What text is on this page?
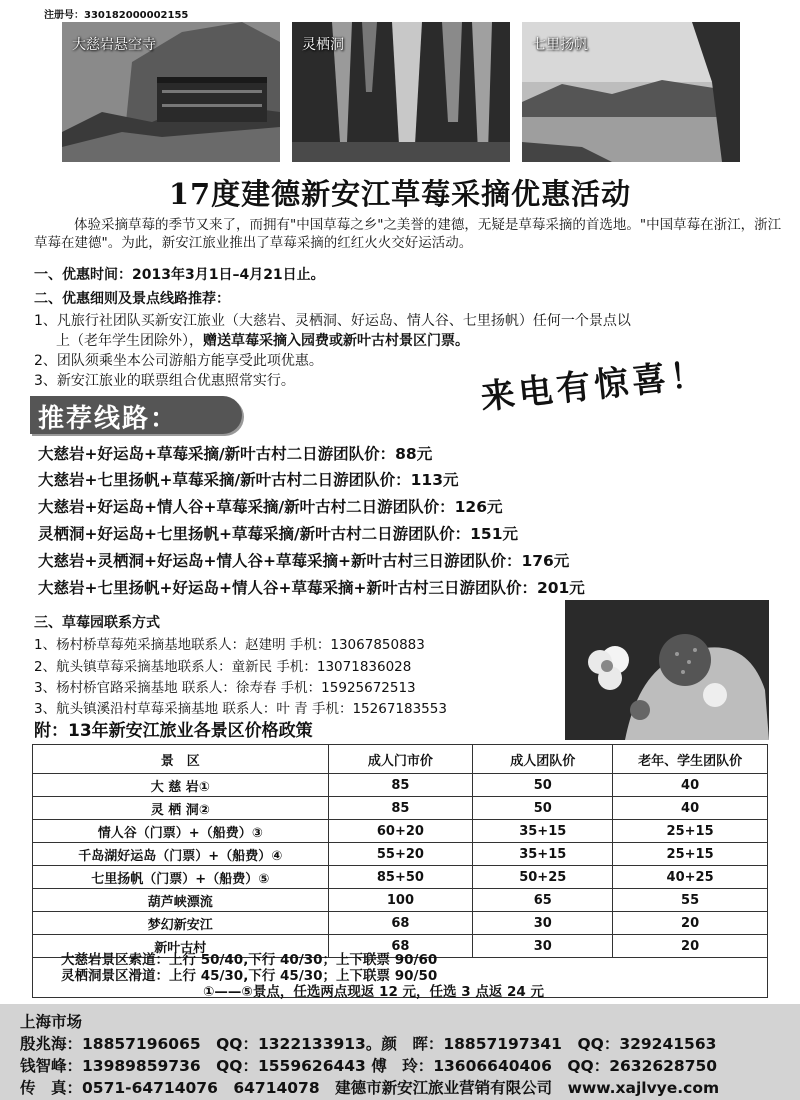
注册号：330182000002155
大慈岩悬空寺	灵栖洞	七里扬帆
17度建德新安江草莓采摘优惠活动
体验采摘草莓的季节又来了，而拥有"中国草莓之乡"之美誉的建德，无疑是草莓采摘的首选地。"中国草莓在浙江，浙江草莓在建德"。为此，新安江旅业推出了草莓采摘的红红火火交好运活动。
一、优惠时间：2013年3月1日–4月21日止。
二、优惠细则及景点线路推荐：
1、凡旅行社团队买新安江旅业（大慈岩、灵栖洞、好运岛、情人谷、七里扬帆）任何一个景点以
上（老年学生团除外），赠送草莓采摘入园费或新叶古村景区门票。
2、团队须乘坐本公司游船方能享受此项优惠。
3、新安江旅业的联票组合优惠照常实行。
推荐线路：
来电有惊喜！
大慈岩+好运岛+草莓采摘/新叶古村二日游团队价：88元
大慈岩+七里扬帆+草莓采摘/新叶古村二日游团队价：113元
大慈岩+好运岛+情人谷+草莓采摘/新叶古村二日游团队价：126元
灵栖洞+好运岛+七里扬帆+草莓采摘/新叶古村二日游团队价：151元
大慈岩+灵栖洞+好运岛+情人谷+草莓采摘+新叶古村三日游团队价：176元
大慈岩+七里扬帆+好运岛+情人谷+草莓采摘+新叶古村三日游团队价：201元
三、草莓园联系方式
1、杨村桥草莓苑采摘基地联系人：赵建明 手机：13067850883
2、航头镇草莓采摘基地联系人：童新民 手机：13071836028
3、杨村桥官路采摘基地 联系人：徐寿春 手机：15925672513
3、航头镇溪沿村草莓采摘基地 联系人：叶 青 手机：15267183553
附：13年新安江旅业各景区价格政策
景　区	成人门市价	成人团队价	老年、学生团队价
大 慈 岩①	85	50	40
灵 栖 洞②	85	50	40
情人谷（门票）+（船费）③	60+20	35+15	25+15
千岛湖好运岛（门票）+（船费）④	55+20	35+15	25+15
七里扬帆（门票）+（船费）⑤	85+50	50+25	40+25
葫芦峡漂流	100	65	55
梦幻新安江	68	30	20
新叶古村	68	30	20
大慈岩景区索道：上行 50/40,下行 40/30；上下联票 90/60
灵栖洞景区滑道：上行 45/30,下行 45/30；上下联票 90/50
①——⑤景点，任选两点现返 12 元，任选 3 点返 24 元
上海市场
殷兆海：18857196065　QQ：1322133913。颜　晖：18857197341　QQ：329241563
钱智峰：13989859736　QQ：1559626443 傅　玲：13606640406　QQ：2632628750
传　真：0571-64714076　64714078　建德市新安江旅业营销有限公司　www.xajlvye.com
